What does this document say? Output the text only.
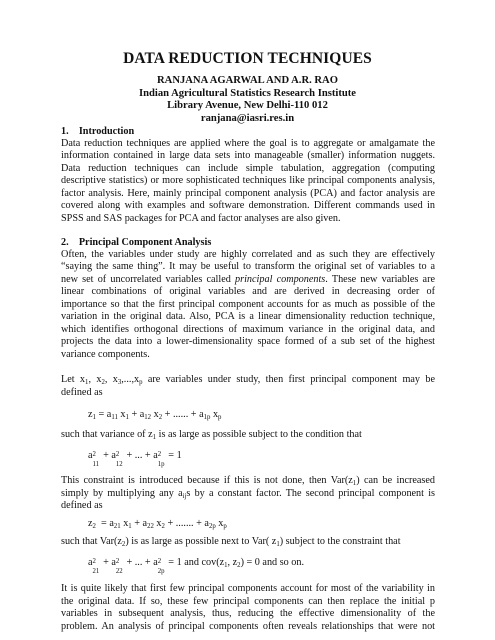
DATA REDUCTION TECHNIQUES
RANJANA AGARWAL AND A.R. RAO
Indian Agricultural Statistics Research Institute
Library Avenue, New Delhi-110 012
ranjana@iasri.res.in
1. Introduction
Data reduction techniques are applied where the goal is to aggregate or amalgamate the
information contained in large data sets into manageable (smaller) information nuggets.
Data reduction techniques can include simple tabulation, aggregation (computing
descriptive statistics) or more sophisticated techniques like principal components analysis,
factor analysis. Here, mainly principal component analysis (PCA) and factor analysis are
covered along with examples and software demonstration. Different commands used in
SPSS and SAS packages for PCA and factor analyses are also given.
2. Principal Component Analysis
Often, the variables under study are highly correlated and as such they are effectively
“saying the same thing”. It may be useful to transform the original set of variables to a
new set of uncorrelated variables called principal components. These new variables are
linear combinations of original variables and are derived in decreasing order of
importance so that the first principal component accounts for as much as possible of the
variation in the original data. Also, PCA is a linear dimensionality reduction technique,
which identifies orthogonal directions of maximum variance in the original data, and
projects the data into a lower-dimensionality space formed of a sub set of the highest
variance components.
Let $x_1$, $x_2$, $x_3,...,x_p$ are variables under study, then first principal component may be
defined as
$z_1 = a_{11}$ $x_1 + a_{12}$ $x_2$ + ...... + $a_{1p}$ $x_p$
such that variance of $z_1$ is as large as possible subject to the condition that
a 2
11
+ a 2
12
+ ... + a 2
1p
= 1
This constraint is introduced because if this is not done, then $Var(z_1)$ can be increased
simply by multiplying any $a_{ij}s$ by a constant factor. The second principal component is
defined as
$z_2 = a_{21}$ $x_1 + a_{22}$ $x_2$ + ....... + $a_{2p}$ $x_p$
such that $Var(z_2)$ is as large as possible next to Var( $z_1$) subject to the constraint that
a 2
21
+ a 2
22
+ ... + a 2
2p
= 1 and $cov(z_1$, $z_2) = 0$ and so on.
It is quite likely that first few principal components account for most of the variability in
the original data. If so, these few principal components can then replace the initial p
variables in subsequent analysis, thus, reducing the effective dimensionality of the
problem. An analysis of principal components often reveals relationships that were not
